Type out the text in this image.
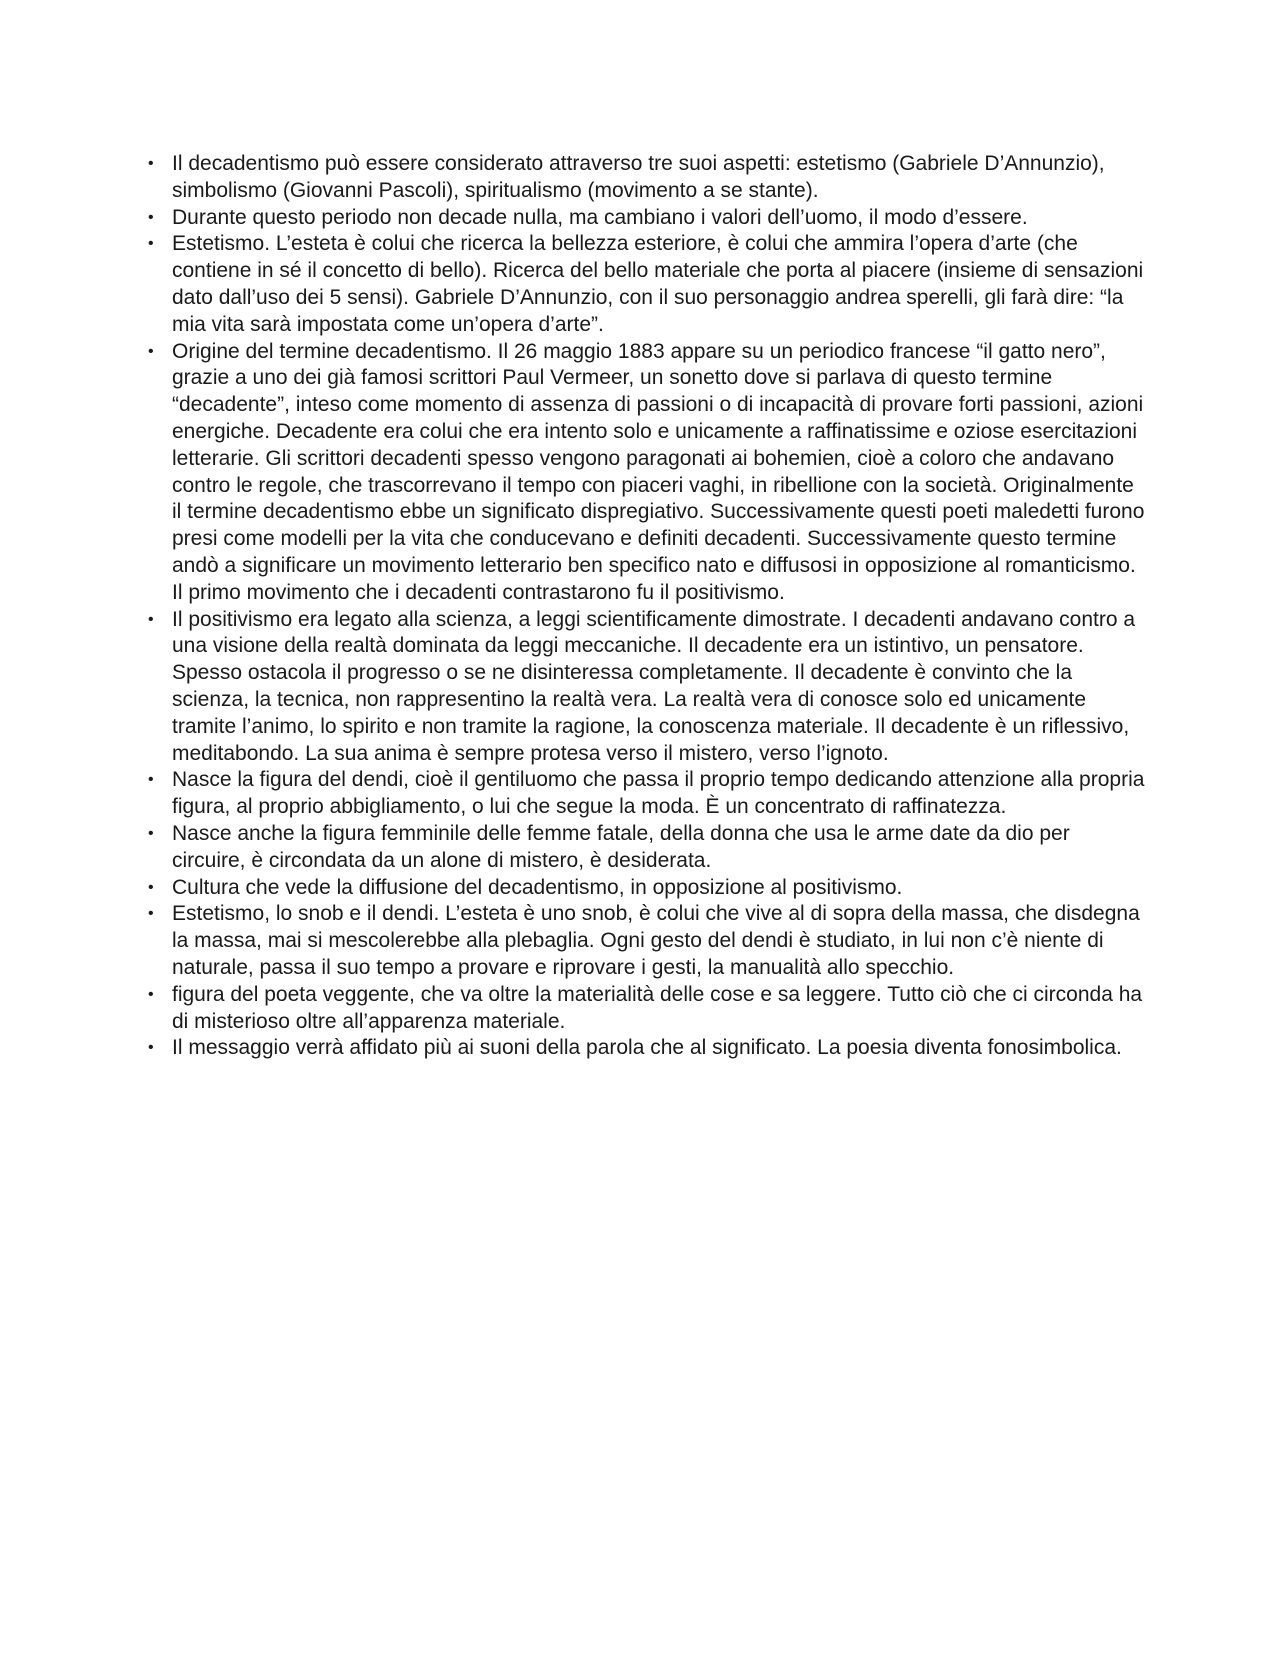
• Il decadentismo può essere considerato attraverso tre suoi aspetti: estetismo (Gabriele D’Annunzio), simbolismo (Giovanni Pascoli), spiritualismo (movimento a se stante).
• Durante questo periodo non decade nulla, ma cambiano i valori dell’uomo, il modo d’essere.
• Estetismo. L’esteta è colui che ricerca la bellezza esteriore, è colui che ammira l’opera d’arte (che contiene in sé il concetto di bello). Ricerca del bello materiale che porta al piacere (insieme di sensazioni dato dall’uso dei 5 sensi). Gabriele D’Annunzio, con il suo personaggio andrea sperelli, gli farà dire: “la mia vita sarà impostata come un’opera d’arte”.
• Origine del termine decadentismo. Il 26 maggio 1883 appare su un periodico francese “il gatto nero”, grazie a uno dei già famosi scrittori Paul Vermeer, un sonetto dove si parlava di questo termine “decadente”, inteso come momento di assenza di passioni o di incapacità di provare forti passioni, azioni energiche. Decadente era colui che era intento solo e unicamente a raffinatissime e oziose esercitazioni letterarie. Gli scrittori decadenti spesso vengono paragonati ai bohemien, cioè a coloro che andavano contro le regole, che trascorrevano il tempo con piaceri vaghi, in ribellione con la società. Originalmente il termine decadentismo ebbe un significato dispregiativo. Successivamente questi poeti maledetti furono presi come modelli per la vita che conducevano e definiti decadenti. Successivamente questo termine andò a significare un movimento letterario ben specifico nato e diffusosi in opposizione al romanticismo. Il primo movimento che i decadenti contrastarono fu il positivismo.
• Il positivismo era legato alla scienza, a leggi scientificamente dimostrate. I decadenti andavano contro a una visione della realtà dominata da leggi meccaniche. Il decadente era un istintivo, un pensatore. Spesso ostacola il progresso o se ne disinteressa completamente. Il decadente è convinto che la scienza, la tecnica, non rappresentino la realtà vera. La realtà vera di conosce solo ed unicamente tramite l’animo, lo spirito e non tramite la ragione, la conoscenza materiale. Il decadente è un riflessivo, meditabondo. La sua anima è sempre protesa verso il mistero, verso l’ignoto.
• Nasce la figura del dendi, cioè il gentiluomo che passa il proprio tempo dedicando attenzione alla propria figura, al proprio abbigliamento, o lui che segue la moda. È un concentrato di raffinatezza.
• Nasce anche la figura femminile delle femme fatale, della donna che usa le arme date da dio per circuire, è circondata da un alone di mistero, è desiderata.
• Cultura che vede la diffusione del decadentismo, in opposizione al positivismo.
• Estetismo, lo snob e il dendi. L’esteta è uno snob, è colui che vive al di sopra della massa, che disdegna la massa, mai si mescolerebbe alla plebaglia. Ogni gesto del dendi è studiato, in lui non c’è niente di naturale, passa il suo tempo a provare e riprovare i gesti, la manualità allo specchio.
• figura del poeta veggente, che va oltre la materialità delle cose e sa leggere. Tutto ciò che ci circonda ha di misterioso oltre all’apparenza materiale.
• Il messaggio verrà affidato più ai suoni della parola che al significato. La poesia diventa fonosimbolica.
